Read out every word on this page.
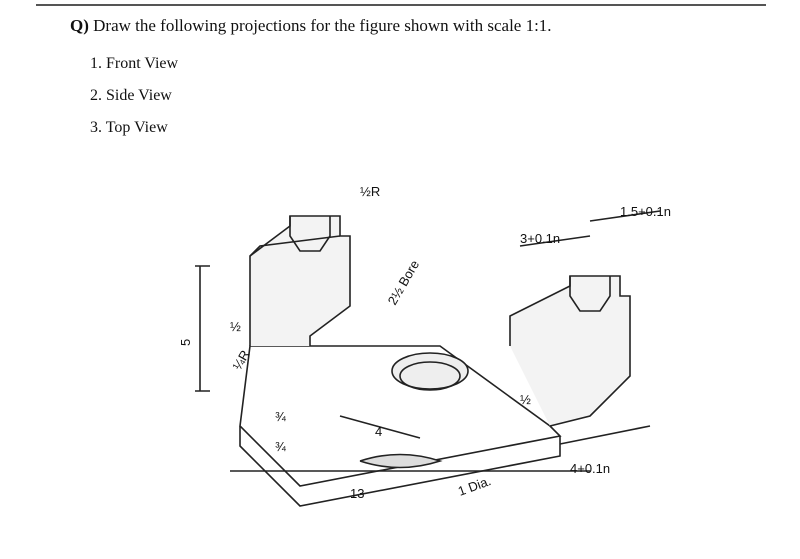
Q) Draw the following projections for the figure shown with scale 1:1.
1. Front View
2. Side View
3. Top View
½R
2½ Bore
3+0.1n
1.5+0.1n
4+0.1n
5
½
¼R
¾
¾
4
13
½
1 Dia.
